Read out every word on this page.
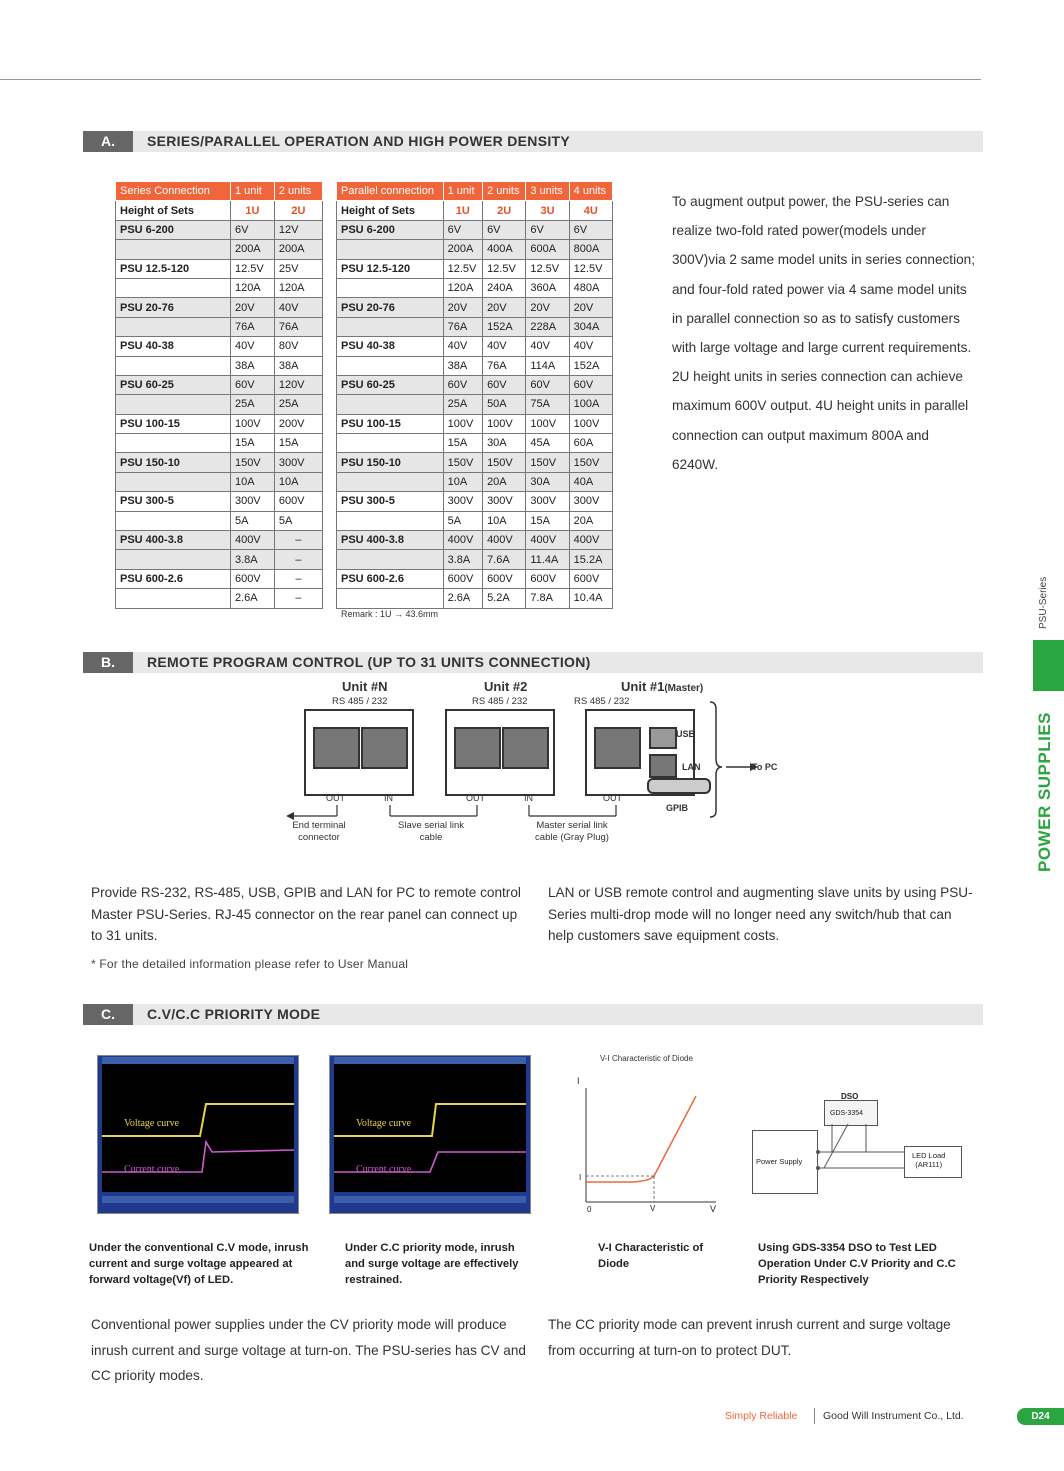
A.	SERIES/PARALLEL OPERATION AND HIGH POWER DENSITY
Series Connection	1 unit	2 units
Height of Sets	1U	2U
PSU 6-200	6V	12V
	200A	200A
PSU 12.5-120	12.5V	25V
	120A	120A
PSU 20-76	20V	40V
	76A	76A
PSU 40-38	40V	80V
	38A	38A
PSU 60-25	60V	120V
	25A	25A
PSU 100-15	100V	200V
	15A	15A
PSU 150-10	150V	300V
	10A	10A
PSU 300-5	300V	600V
	5A	5A
PSU 400-3.8	400V	–
	3.8A	–
PSU 600-2.6	600V	–
	2.6A	–
Parallel connection	1 unit	2 units	3 units	4 units
Height of Sets	1U	2U	3U	4U
PSU 6-200	6V	6V	6V	6V
	200A	400A	600A	800A
PSU 12.5-120	12.5V	12.5V	12.5V	12.5V
	120A	240A	360A	480A
PSU 20-76	20V	20V	20V	20V
	76A	152A	228A	304A
PSU 40-38	40V	40V	40V	40V
	38A	76A	114A	152A
PSU 60-25	60V	60V	60V	60V
	25A	50A	75A	100A
PSU 100-15	100V	100V	100V	100V
	15A	30A	45A	60A
PSU 150-10	150V	150V	150V	150V
	10A	20A	30A	40A
PSU 300-5	300V	300V	300V	300V
	5A	10A	15A	20A
PSU 400-3.8	400V	400V	400V	400V
	3.8A	7.6A	11.4A	15.2A
PSU 600-2.6	600V	600V	600V	600V
	2.6A	5.2A	7.8A	10.4A
Remark : 1U → 43.6mm
To augment output power, the PSU-series can realize two-fold rated power(models under 300V)via 2 same model units in series connection; and four-fold rated power via 4 same model units in parallel connection so as to satisfy customers with large voltage and large current requirements. 2U height units in series connection can achieve maximum 600V output. 4U height units in parallel connection can output maximum 800A and 6240W.
PSU-Series
POWER SUPPLIES
B.	REMOTE PROGRAM CONTROL (UP TO 31 UNITS CONNECTION)
Unit #N
RS 485 / 232
Unit #2
RS 485 / 232
Unit #1(Master)
RS 485 / 232
USB
LAN
GPIB
To PC
OUT	IN	OUT	IN	OUT
End terminal
connector
Slave serial link
cable
Master serial link
cable (Gray Plug)
Provide RS-232, RS-485, USB, GPIB and LAN for PC to remote control Master PSU-Series. RJ-45 connector on the rear panel can connect up to 31 units.
LAN or USB remote control and augmenting slave units by using PSU-Series multi-drop mode will no longer need any switch/hub that can help customers save equipment costs.
* For the detailed information please refer to User Manual
C.	C.V/C.C PRIORITY MODE
Voltage curve
Current curve
Voltage curve
Current curve
V-I Characteristic of Diode
I
V
0
I
V
DSO
GDS-3354
Power Supply
LED Load
(AR111)
Under the conventional C.V mode, inrush current and surge voltage appeared at forward voltage(Vf) of LED.
Under C.C priority mode, inrush and surge voltage are effectively restrained.
V-I Characteristic of Diode
Using GDS-3354 DSO to Test LED Operation Under C.V Priority and C.C Priority Respectively
Conventional power supplies under the CV priority mode will produce inrush current and surge voltage at turn-on. The PSU-series has CV and CC priority modes.
The CC priority mode can prevent inrush current and surge voltage from occurring at turn-on to protect DUT.
Simply Reliable Good Will Instrument Co., Ltd.	D24
